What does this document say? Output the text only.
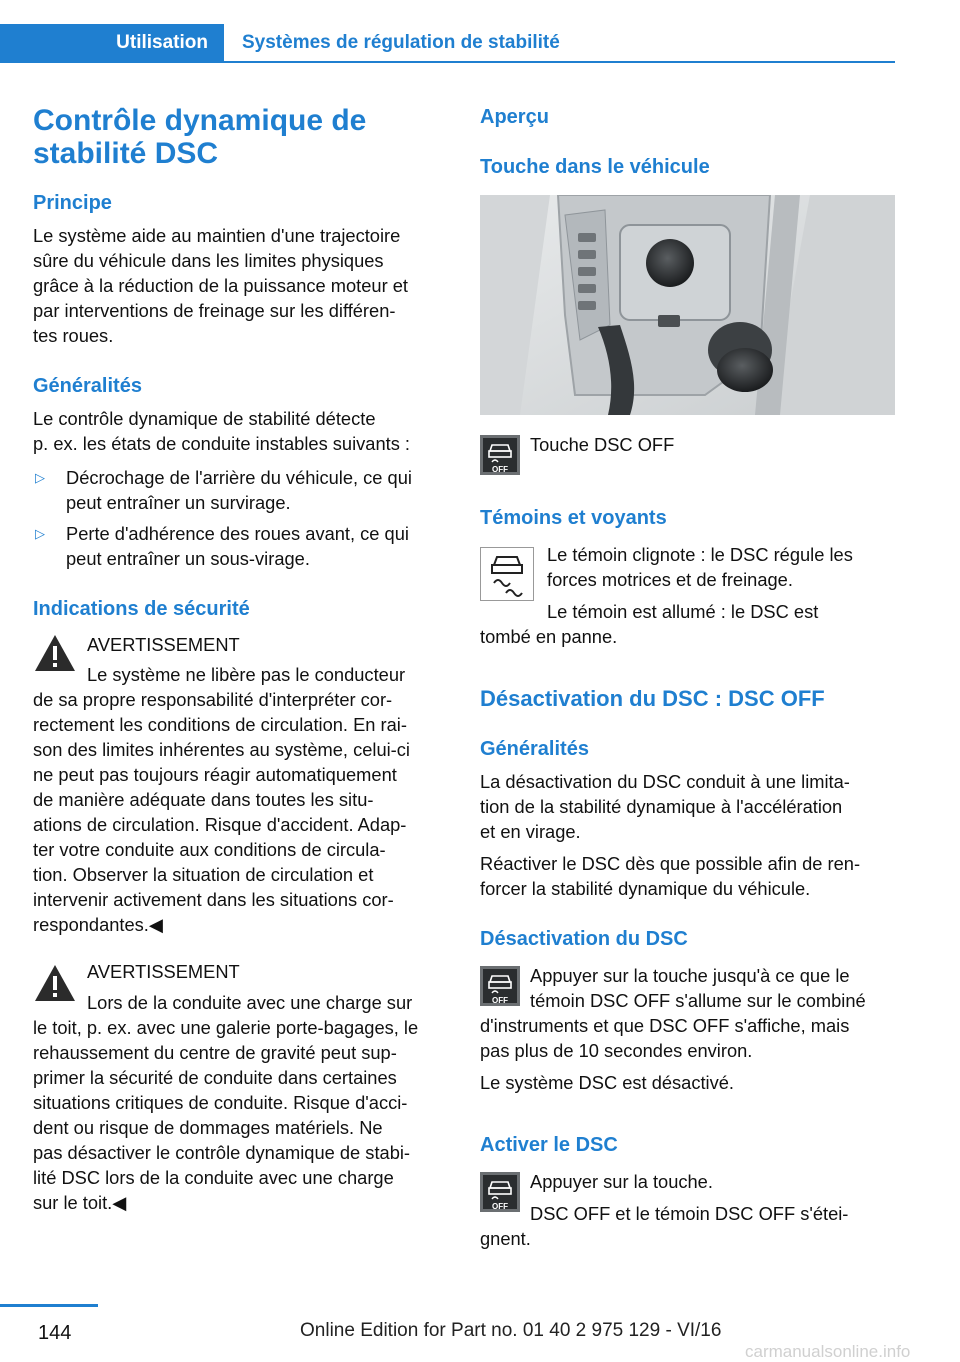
Utilisation	Systèmes de régulation de stabilité
Contrôle dynamique de
stabilité DSC
Principe
Le système aide au maintien d'une trajectoire
sûre du véhicule dans les limites physiques
grâce à la réduction de la puissance moteur et
par interventions de freinage sur les différen‐
tes roues.
Généralités
Le contrôle dynamique de stabilité détecte
p. ex. les états de conduite instables suivants :
▷ Décrochage de l'arrière du véhicule, ce qui
peut entraîner un survirage.
▷ Perte d'adhérence des roues avant, ce qui
peut entraîner un sous-virage.
Indications de sécurité
AVERTISSEMENT
Le système ne libère pas le conducteur
de sa propre responsabilité d'interpréter cor‐
rectement les conditions de circulation. En rai‐
son des limites inhérentes au système, celui-ci
ne peut pas toujours réagir automatiquement
de manière adéquate dans toutes les situ‐
ations de circulation. Risque d'accident. Adap‐
ter votre conduite aux conditions de circula‐
tion. Observer la situation de circulation et
intervenir activement dans les situations cor‐
respondantes.◀
AVERTISSEMENT
Lors de la conduite avec une charge sur
le toit, p. ex. avec une galerie porte-bagages, le
rehaussement du centre de gravité peut sup‐
primer la sécurité de conduite dans certaines
situations critiques de conduite. Risque d'acci‐
dent ou risque de dommages matériels. Ne
pas désactiver le contrôle dynamique de stabi‐
lité DSC lors de la conduite avec une charge
sur le toit.◀
Aperçu
Touche dans le véhicule
OFF
Touche DSC OFF
Témoins et voyants
Le témoin clignote : le DSC régule les
forces motrices et de freinage.
Le témoin est allumé : le DSC est
tombé en panne.
Désactivation du DSC : DSC OFF
Généralités
La désactivation du DSC conduit à une limita‐
tion de la stabilité dynamique à l'accélération
et en virage.
Réactiver le DSC dès que possible afin de ren‐
forcer la stabilité dynamique du véhicule.
Désactivation du DSC
OFF
Appuyer sur la touche jusqu'à ce que le
témoin DSC OFF s'allume sur le combiné
d'instruments et que DSC OFF s'affiche, mais
pas plus de 10 secondes environ.
Le système DSC est désactivé.
Activer le DSC
OFF
Appuyer sur la touche.
DSC OFF et le témoin DSC OFF s'étei‐
gnent.
144	Online Edition for Part no. 01 40 2 975 129 - VI/16
carmanualsonline.info
